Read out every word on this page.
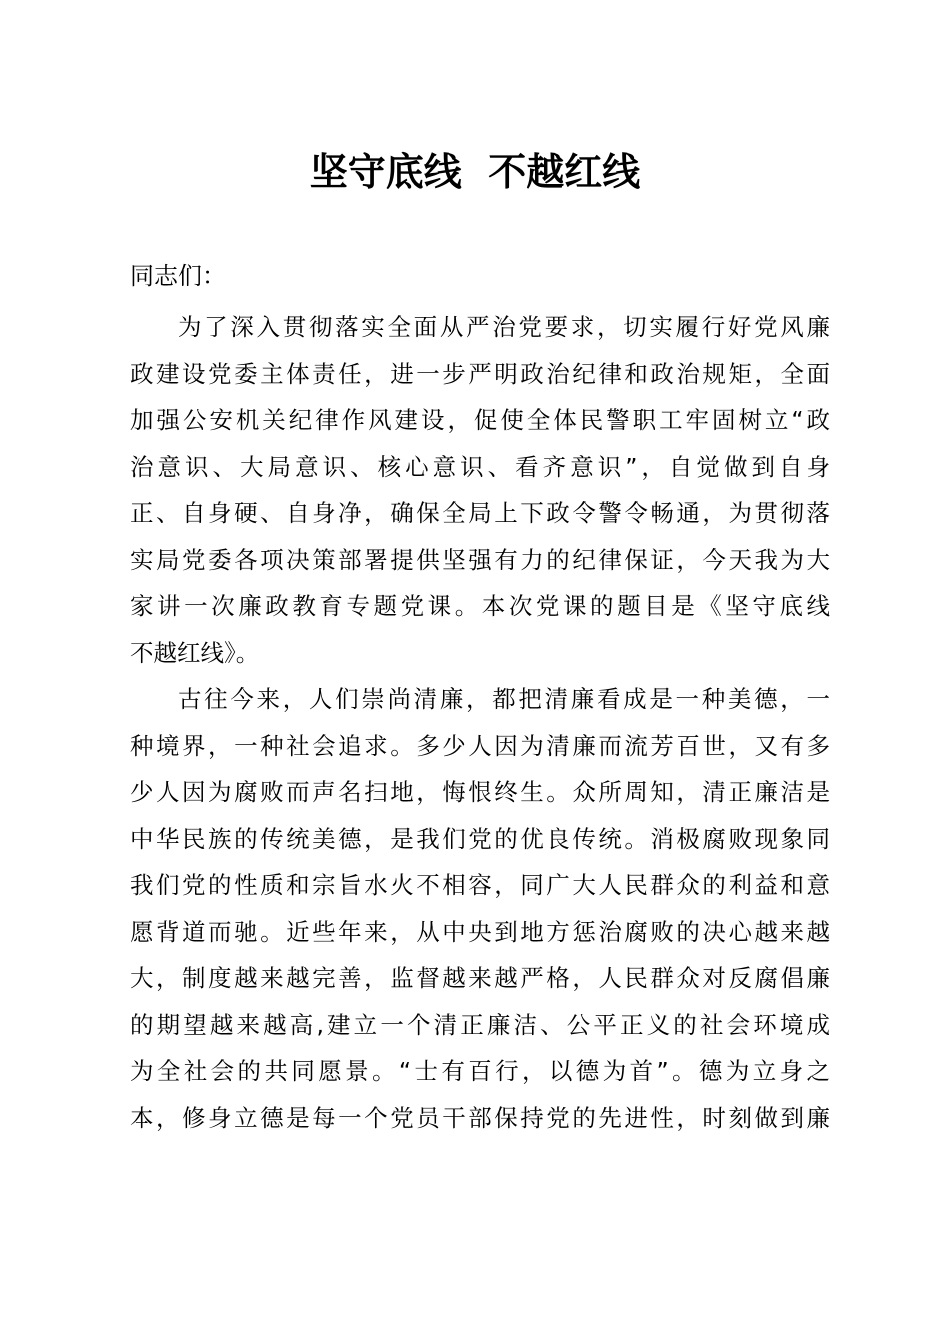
坚守底线  不越红线
同志们：
为了深入贯彻落实全面从严治党要求，切实履行好党风廉
政建设党委主体责任，进一步严明政治纪律和政治规矩，全面
加强公安机关纪律作风建设，促使全体民警职工牢固树立“政
治意识、大局意识、核心意识、看齐意识”，自觉做到自身
正、自身硬、自身净，确保全局上下政令警令畅通，为贯彻落
实局党委各项决策部署提供坚强有力的纪律保证，今天我为大
家讲一次廉政教育专题党课。本次党课的题目是《坚守底线
不越红线》。
古往今来，人们崇尚清廉，都把清廉看成是一种美德，一
种境界，一种社会追求。多少人因为清廉而流芳百世，又有多
少人因为腐败而声名扫地，悔恨终生。众所周知，清正廉洁是
中华民族的传统美德，是我们党的优良传统。消极腐败现象同
我们党的性质和宗旨水火不相容，同广大人民群众的利益和意
愿背道而驰。近些年来，从中央到地方惩治腐败的决心越来越
大，制度越来越完善，监督越来越严格，人民群众对反腐倡廉
的期望越来越高,建立一个清正廉洁、公平正义的社会环境成
为全社会的共同愿景。“士有百行，以德为首”。德为立身之
本，修身立德是每一个党员干部保持党的先进性，时刻做到廉
